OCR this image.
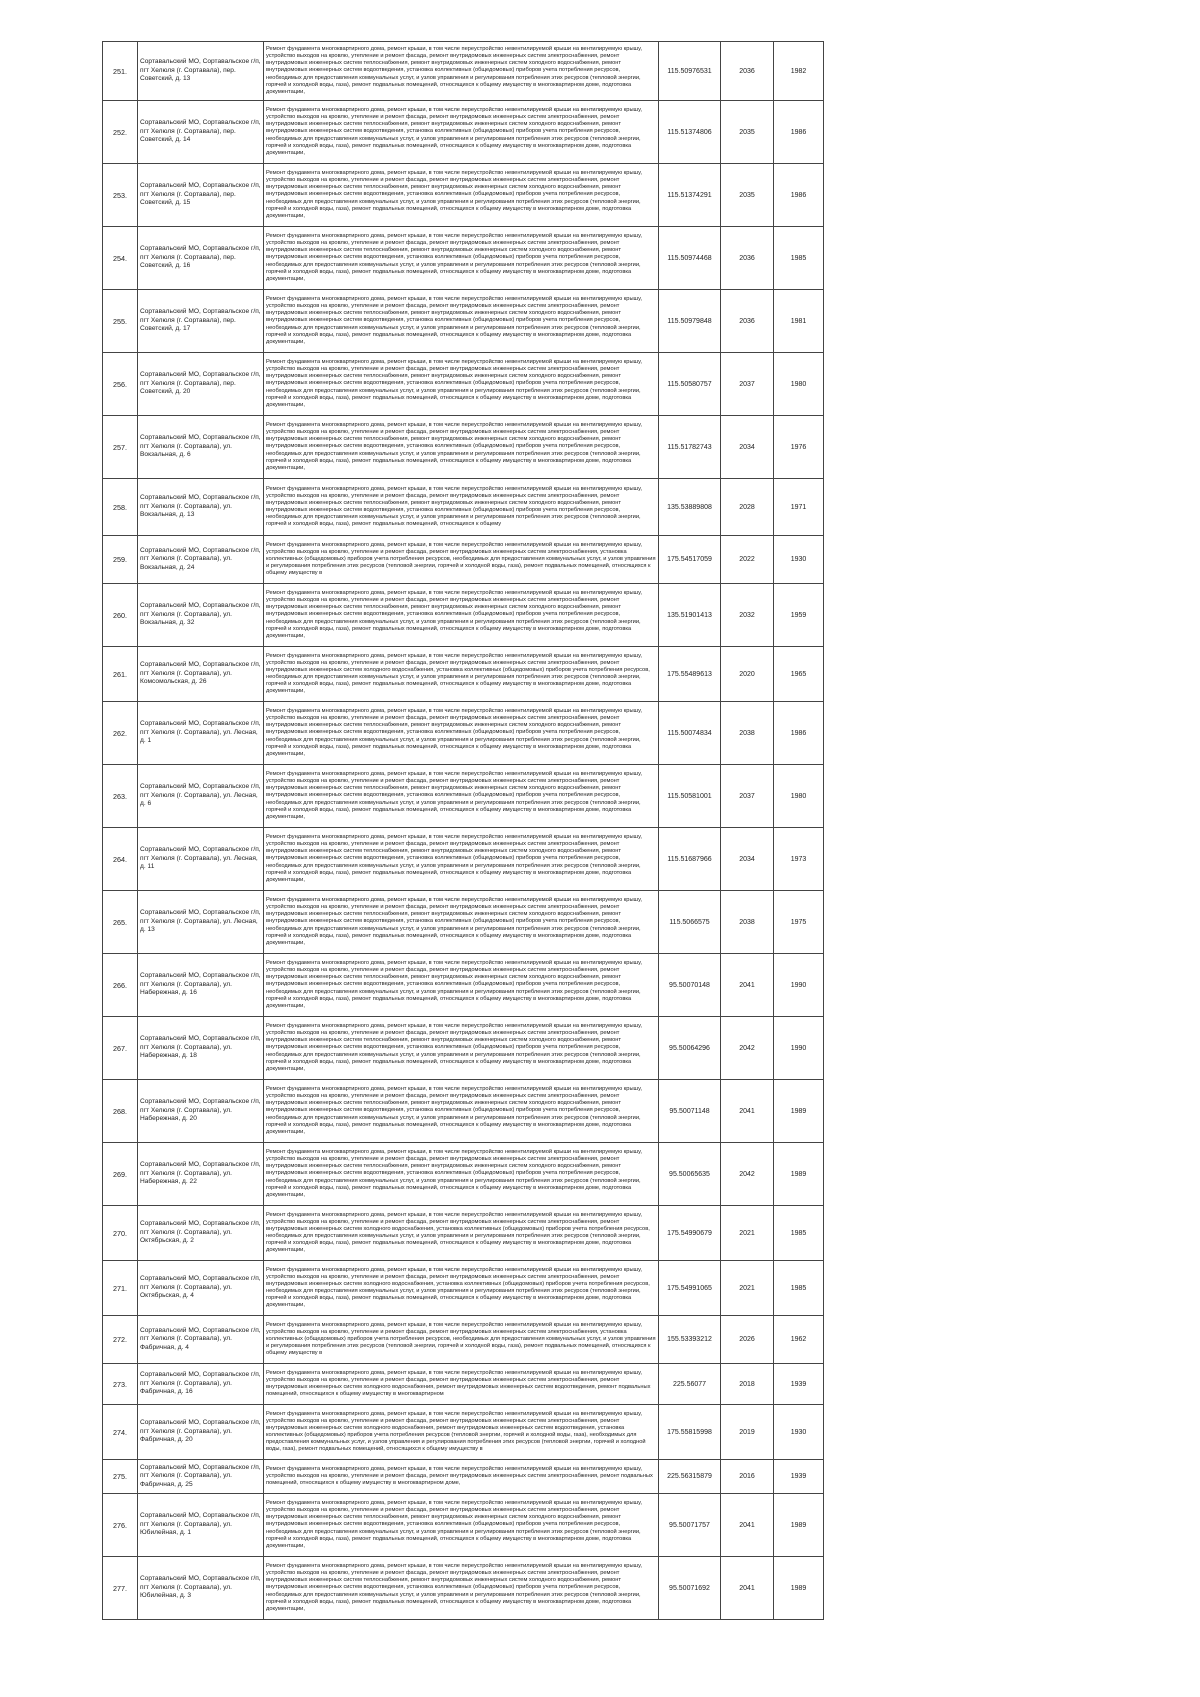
251.	Сортавальский МО, Сортавальское г/п, пгт Хелюля (г. Сортавала), пер. Советский, д. 13	Ремонт фундамента многоквартирного дома, ремонт крыши, в том числе переустройство невентилируемой крыши на вентилируемую крышу, устройство выходов на кровлю, утепление и ремонт фасада, ремонт внутридомовых инженерных систем электроснабжения, ремонт внутридомовых инженерных систем теплоснабжения, ремонт внутридомовых инженерных систем холодного водоснабжения, ремонт внутридомовых инженерных систем водоотведения, установка коллективных (общедомовых) приборов учета потребления ресурсов, необходимых для предоставления коммунальных услуг, и узлов управления и регулирования потребления этих ресурсов (тепловой энергии, горячей и холодной воды, газа), ремонт подвальных помещений, относящихся к общему имуществу в многоквартирном доме, подготовка документации,	115.50976531	2036	1982
252.	Сортавальский МО, Сортавальское г/п, пгт Хелюля (г. Сортавала), пер. Советский, д. 14	Ремонт фундамента многоквартирного дома, ремонт крыши, в том числе переустройство невентилируемой крыши на вентилируемую крышу, устройство выходов на кровлю, утепление и ремонт фасада, ремонт внутридомовых инженерных систем электроснабжения, ремонт внутридомовых инженерных систем теплоснабжения, ремонт внутридомовых инженерных систем холодного водоснабжения, ремонт внутридомовых инженерных систем водоотведения, установка коллективных (общедомовых) приборов учета потребления ресурсов, необходимых для предоставления коммунальных услуг, и узлов управления и регулирования потребления этих ресурсов (тепловой энергии, горячей и холодной воды, газа), ремонт подвальных помещений, относящихся к общему имуществу в многоквартирном доме, подготовка документации,	115.51374806	2035	1986
253.	Сортавальский МО, Сортавальское г/п, пгт Хелюля (г. Сортавала), пер. Советский, д. 15	Ремонт фундамента многоквартирного дома, ремонт крыши, в том числе переустройство невентилируемой крыши на вентилируемую крышу, устройство выходов на кровлю, утепление и ремонт фасада, ремонт внутридомовых инженерных систем электроснабжения, ремонт внутридомовых инженерных систем теплоснабжения, ремонт внутридомовых инженерных систем холодного водоснабжения, ремонт внутридомовых инженерных систем водоотведения, установка коллективных (общедомовых) приборов учета потребления ресурсов, необходимых для предоставления коммунальных услуг, и узлов управления и регулирования потребления этих ресурсов (тепловой энергии, горячей и холодной воды, газа), ремонт подвальных помещений, относящихся к общему имуществу в многоквартирном доме, подготовка документации,	115.51374291	2035	1986
254.	Сортавальский МО, Сортавальское г/п, пгт Хелюля (г. Сортавала), пер. Советский, д. 16	Ремонт фундамента многоквартирного дома, ремонт крыши, в том числе переустройство невентилируемой крыши на вентилируемую крышу, устройство выходов на кровлю, утепление и ремонт фасада, ремонт внутридомовых инженерных систем электроснабжения, ремонт внутридомовых инженерных систем теплоснабжения, ремонт внутридомовых инженерных систем холодного водоснабжения, ремонт внутридомовых инженерных систем водоотведения, установка коллективных (общедомовых) приборов учета потребления ресурсов, необходимых для предоставления коммунальных услуг, и узлов управления и регулирования потребления этих ресурсов (тепловой энергии, горячей и холодной воды, газа), ремонт подвальных помещений, относящихся к общему имуществу в многоквартирном доме, подготовка документации,	115.50974468	2036	1985
255.	Сортавальский МО, Сортавальское г/п, пгт Хелюля (г. Сортавала), пер. Советский, д. 17	Ремонт фундамента многоквартирного дома, ремонт крыши, в том числе переустройство невентилируемой крыши на вентилируемую крышу, устройство выходов на кровлю, утепление и ремонт фасада, ремонт внутридомовых инженерных систем электроснабжения, ремонт внутридомовых инженерных систем теплоснабжения, ремонт внутридомовых инженерных систем холодного водоснабжения, ремонт внутридомовых инженерных систем водоотведения, установка коллективных (общедомовых) приборов учета потребления ресурсов, необходимых для предоставления коммунальных услуг, и узлов управления и регулирования потребления этих ресурсов (тепловой энергии, горячей и холодной воды, газа), ремонт подвальных помещений, относящихся к общему имуществу в многоквартирном доме, подготовка документации,	115.50979848	2036	1981
256.	Сортавальский МО, Сортавальское г/п, пгт Хелюля (г. Сортавала), пер. Советский, д. 20	Ремонт фундамента многоквартирного дома, ремонт крыши, в том числе переустройство невентилируемой крыши на вентилируемую крышу, устройство выходов на кровлю, утепление и ремонт фасада, ремонт внутридомовых инженерных систем электроснабжения, ремонт внутридомовых инженерных систем теплоснабжения, ремонт внутридомовых инженерных систем холодного водоснабжения, ремонт внутридомовых инженерных систем водоотведения, установка коллективных (общедомовых) приборов учета потребления ресурсов, необходимых для предоставления коммунальных услуг, и узлов управления и регулирования потребления этих ресурсов (тепловой энергии, горячей и холодной воды, газа), ремонт подвальных помещений, относящихся к общему имуществу в многоквартирном доме, подготовка документации,	115.50580757	2037	1980
257.	Сортавальский МО, Сортавальское г/п, пгт Хелюля (г. Сортавала), ул. Вокзальная, д. 6	Ремонт фундамента многоквартирного дома, ремонт крыши, в том числе переустройство невентилируемой крыши на вентилируемую крышу, устройство выходов на кровлю, утепление и ремонт фасада, ремонт внутридомовых инженерных систем электроснабжения, ремонт внутридомовых инженерных систем теплоснабжения, ремонт внутридомовых инженерных систем холодного водоснабжения, ремонт внутридомовых инженерных систем водоотведения, установка коллективных (общедомовых) приборов учета потребления ресурсов, необходимых для предоставления коммунальных услуг, и узлов управления и регулирования потребления этих ресурсов (тепловой энергии, горячей и холодной воды, газа), ремонт подвальных помещений, относящихся к общему имуществу в многоквартирном доме, подготовка документации,	115.51782743	2034	1976
258.	Сортавальский МО, Сортавальское г/п, пгт Хелюля (г. Сортавала), ул. Вокзальная, д. 13	Ремонт фундамента многоквартирного дома, ремонт крыши, в том числе переустройство невентилируемой крыши на вентилируемую крышу, устройство выходов на кровлю, утепление и ремонт фасада, ремонт внутридомовых инженерных систем электроснабжения, ремонт внутридомовых инженерных систем теплоснабжения, ремонт внутридомовых инженерных систем холодного водоснабжения, ремонт внутридомовых инженерных систем водоотведения, установка коллективных (общедомовых) приборов учета потребления ресурсов, необходимых для предоставления коммунальных услуг, и узлов управления и регулирования потребления этих ресурсов (тепловой энергии, горячей и холодной воды, газа), ремонт подвальных помещений, относящихся к общему	135.53889808	2028	1971
259.	Сортавальский МО, Сортавальское г/п, пгт Хелюля (г. Сортавала), ул. Вокзальная, д. 24	Ремонт фундамента многоквартирного дома, ремонт крыши, в том числе переустройство невентилируемой крыши на вентилируемую крышу, устройство выходов на кровлю, утепление и ремонт фасада, ремонт внутридомовых инженерных систем электроснабжения, установка коллективных (общедомовых) приборов учета потребления ресурсов, необходимых для предоставления коммунальных услуг, и узлов управления и регулирования потребления этих ресурсов (тепловой энергии, горячей и холодной воды, газа), ремонт подвальных помещений, относящихся к общему имуществу в	175.54517059	2022	1930
260.	Сортавальский МО, Сортавальское г/п, пгт Хелюля (г. Сортавала), ул. Вокзальная, д. 32	Ремонт фундамента многоквартирного дома, ремонт крыши, в том числе переустройство невентилируемой крыши на вентилируемую крышу, устройство выходов на кровлю, утепление и ремонт фасада, ремонт внутридомовых инженерных систем электроснабжения, ремонт внутридомовых инженерных систем теплоснабжения, ремонт внутридомовых инженерных систем холодного водоснабжения, ремонт внутридомовых инженерных систем водоотведения, установка коллективных (общедомовых) приборов учета потребления ресурсов, необходимых для предоставления коммунальных услуг, и узлов управления и регулирования потребления этих ресурсов (тепловой энергии, горячей и холодной воды, газа), ремонт подвальных помещений, относящихся к общему имуществу в многоквартирном доме, подготовка документации,	135.51901413	2032	1959
261.	Сортавальский МО, Сортавальское г/п, пгт Хелюля (г. Сортавала), ул. Комсомольская, д. 26	Ремонт фундамента многоквартирного дома, ремонт крыши, в том числе переустройство невентилируемой крыши на вентилируемую крышу, устройство выходов на кровлю, утепление и ремонт фасада, ремонт внутридомовых инженерных систем электроснабжения, ремонт внутридомовых инженерных систем холодного водоснабжения, установка коллективных (общедомовых) приборов учета потребления ресурсов, необходимых для предоставления коммунальных услуг, и узлов управления и регулирования потребления этих ресурсов (тепловой энергии, горячей и холодной воды, газа), ремонт подвальных помещений, относящихся к общему имуществу в многоквартирном доме, подготовка документации,	175.55489613	2020	1965
262.	Сортавальский МО, Сортавальское г/п, пгт Хелюля (г. Сортавала), ул. Лесная, д. 1	Ремонт фундамента многоквартирного дома, ремонт крыши, в том числе переустройство невентилируемой крыши на вентилируемую крышу, устройство выходов на кровлю, утепление и ремонт фасада, ремонт внутридомовых инженерных систем электроснабжения, ремонт внутридомовых инженерных систем теплоснабжения, ремонт внутридомовых инженерных систем холодного водоснабжения, ремонт внутридомовых инженерных систем водоотведения, установка коллективных (общедомовых) приборов учета потребления ресурсов, необходимых для предоставления коммунальных услуг, и узлов управления и регулирования потребления этих ресурсов (тепловой энергии, горячей и холодной воды, газа), ремонт подвальных помещений, относящихся к общему имуществу в многоквартирном доме, подготовка документации,	115.50074834	2038	1986
263.	Сортавальский МО, Сортавальское г/п, пгт Хелюля (г. Сортавала), ул. Лесная, д. 6	Ремонт фундамента многоквартирного дома, ремонт крыши, в том числе переустройство невентилируемой крыши на вентилируемую крышу, устройство выходов на кровлю, утепление и ремонт фасада, ремонт внутридомовых инженерных систем электроснабжения, ремонт внутридомовых инженерных систем теплоснабжения, ремонт внутридомовых инженерных систем холодного водоснабжения, ремонт внутридомовых инженерных систем водоотведения, установка коллективных (общедомовых) приборов учета потребления ресурсов, необходимых для предоставления коммунальных услуг, и узлов управления и регулирования потребления этих ресурсов (тепловой энергии, горячей и холодной воды, газа), ремонт подвальных помещений, относящихся к общему имуществу в многоквартирном доме, подготовка документации,	115.50581001	2037	1980
264.	Сортавальский МО, Сортавальское г/п, пгт Хелюля (г. Сортавала), ул. Лесная, д. 11	Ремонт фундамента многоквартирного дома, ремонт крыши, в том числе переустройство невентилируемой крыши на вентилируемую крышу, устройство выходов на кровлю, утепление и ремонт фасада, ремонт внутридомовых инженерных систем электроснабжения, ремонт внутридомовых инженерных систем теплоснабжения, ремонт внутридомовых инженерных систем холодного водоснабжения, ремонт внутридомовых инженерных систем водоотведения, установка коллективных (общедомовых) приборов учета потребления ресурсов, необходимых для предоставления коммунальных услуг, и узлов управления и регулирования потребления этих ресурсов (тепловой энергии, горячей и холодной воды, газа), ремонт подвальных помещений, относящихся к общему имуществу в многоквартирном доме, подготовка документации,	115.51687966	2034	1973
265.	Сортавальский МО, Сортавальское г/п, пгт Хелюля (г. Сортавала), ул. Лесная, д. 13	Ремонт фундамента многоквартирного дома, ремонт крыши, в том числе переустройство невентилируемой крыши на вентилируемую крышу, устройство выходов на кровлю, утепление и ремонт фасада, ремонт внутридомовых инженерных систем электроснабжения, ремонт внутридомовых инженерных систем теплоснабжения, ремонт внутридомовых инженерных систем холодного водоснабжения, ремонт внутридомовых инженерных систем водоотведения, установка коллективных (общедомовых) приборов учета потребления ресурсов, необходимых для предоставления коммунальных услуг, и узлов управления и регулирования потребления этих ресурсов (тепловой энергии, горячей и холодной воды, газа), ремонт подвальных помещений, относящихся к общему имуществу в многоквартирном доме, подготовка документации,	115.5066575	2038	1975
266.	Сортавальский МО, Сортавальское г/п, пгт Хелюля (г. Сортавала), ул. Набережная, д. 16	Ремонт фундамента многоквартирного дома, ремонт крыши, в том числе переустройство невентилируемой крыши на вентилируемую крышу, устройство выходов на кровлю, утепление и ремонт фасада, ремонт внутридомовых инженерных систем электроснабжения, ремонт внутридомовых инженерных систем теплоснабжения, ремонт внутридомовых инженерных систем холодного водоснабжения, ремонт внутридомовых инженерных систем водоотведения, установка коллективных (общедомовых) приборов учета потребления ресурсов, необходимых для предоставления коммунальных услуг, и узлов управления и регулирования потребления этих ресурсов (тепловой энергии, горячей и холодной воды, газа), ремонт подвальных помещений, относящихся к общему имуществу в многоквартирном доме, подготовка документации,	95.50070148	2041	1990
267.	Сортавальский МО, Сортавальское г/п, пгт Хелюля (г. Сортавала), ул. Набережная, д. 18	Ремонт фундамента многоквартирного дома, ремонт крыши, в том числе переустройство невентилируемой крыши на вентилируемую крышу, устройство выходов на кровлю, утепление и ремонт фасада, ремонт внутридомовых инженерных систем электроснабжения, ремонт внутридомовых инженерных систем теплоснабжения, ремонт внутридомовых инженерных систем холодного водоснабжения, ремонт внутридомовых инженерных систем водоотведения, установка коллективных (общедомовых) приборов учета потребления ресурсов, необходимых для предоставления коммунальных услуг, и узлов управления и регулирования потребления этих ресурсов (тепловой энергии, горячей и холодной воды, газа), ремонт подвальных помещений, относящихся к общему имуществу в многоквартирном доме, подготовка документации,	95.50064296	2042	1990
268.	Сортавальский МО, Сортавальское г/п, пгт Хелюля (г. Сортавала), ул. Набережная, д. 20	Ремонт фундамента многоквартирного дома, ремонт крыши, в том числе переустройство невентилируемой крыши на вентилируемую крышу, устройство выходов на кровлю, утепление и ремонт фасада, ремонт внутридомовых инженерных систем электроснабжения, ремонт внутридомовых инженерных систем теплоснабжения, ремонт внутридомовых инженерных систем холодного водоснабжения, ремонт внутридомовых инженерных систем водоотведения, установка коллективных (общедомовых) приборов учета потребления ресурсов, необходимых для предоставления коммунальных услуг, и узлов управления и регулирования потребления этих ресурсов (тепловой энергии, горячей и холодной воды, газа), ремонт подвальных помещений, относящихся к общему имуществу в многоквартирном доме, подготовка документации,	95.50071148	2041	1989
269.	Сортавальский МО, Сортавальское г/п, пгт Хелюля (г. Сортавала), ул. Набережная, д. 22	Ремонт фундамента многоквартирного дома, ремонт крыши, в том числе переустройство невентилируемой крыши на вентилируемую крышу, устройство выходов на кровлю, утепление и ремонт фасада, ремонт внутридомовых инженерных систем электроснабжения, ремонт внутридомовых инженерных систем теплоснабжения, ремонт внутридомовых инженерных систем холодного водоснабжения, ремонт внутридомовых инженерных систем водоотведения, установка коллективных (общедомовых) приборов учета потребления ресурсов, необходимых для предоставления коммунальных услуг, и узлов управления и регулирования потребления этих ресурсов (тепловой энергии, горячей и холодной воды, газа), ремонт подвальных помещений, относящихся к общему имуществу в многоквартирном доме, подготовка документации,	95.50065635	2042	1989
270.	Сортавальский МО, Сортавальское г/п, пгт Хелюля (г. Сортавала), ул. Октябрьская, д. 2	Ремонт фундамента многоквартирного дома, ремонт крыши, в том числе переустройство невентилируемой крыши на вентилируемую крышу, устройство выходов на кровлю, утепление и ремонт фасада, ремонт внутридомовых инженерных систем электроснабжения, ремонт внутридомовых инженерных систем холодного водоснабжения, установка коллективных (общедомовых) приборов учета потребления ресурсов, необходимых для предоставления коммунальных услуг, и узлов управления и регулирования потребления этих ресурсов (тепловой энергии, горячей и холодной воды, газа), ремонт подвальных помещений, относящихся к общему имуществу в многоквартирном доме, подготовка документации,	175.54990679	2021	1985
271.	Сортавальский МО, Сортавальское г/п, пгт Хелюля (г. Сортавала), ул. Октябрьская, д. 4	Ремонт фундамента многоквартирного дома, ремонт крыши, в том числе переустройство невентилируемой крыши на вентилируемую крышу, устройство выходов на кровлю, утепление и ремонт фасада, ремонт внутридомовых инженерных систем электроснабжения, ремонт внутридомовых инженерных систем холодного водоснабжения, установка коллективных (общедомовых) приборов учета потребления ресурсов, необходимых для предоставления коммунальных услуг, и узлов управления и регулирования потребления этих ресурсов (тепловой энергии, горячей и холодной воды, газа), ремонт подвальных помещений, относящихся к общему имуществу в многоквартирном доме, подготовка документации,	175.54991065	2021	1985
272.	Сортавальский МО, Сортавальское г/п, пгт Хелюля (г. Сортавала), ул. Фабричная, д. 4	Ремонт фундамента многоквартирного дома, ремонт крыши, в том числе переустройство невентилируемой крыши на вентилируемую крышу, устройство выходов на кровлю, утепление и ремонт фасада, ремонт внутридомовых инженерных систем электроснабжения, установка коллективных (общедомовых) приборов учета потребления ресурсов, необходимых для предоставления коммунальных услуг, и узлов управления и регулирования потребления этих ресурсов (тепловой энергии, горячей и холодной воды, газа), ремонт подвальных помещений, относящихся к общему имуществу в	155.53393212	2026	1962
273.	Сортавальский МО, Сортавальское г/п, пгт Хелюля (г. Сортавала), ул. Фабричная, д. 16	Ремонт фундамента многоквартирного дома, ремонт крыши, в том числе переустройство невентилируемой крыши на вентилируемую крышу, устройство выходов на кровлю, утепление и ремонт фасада, ремонт внутридомовых инженерных систем электроснабжения, ремонт внутридомовых инженерных систем холодного водоснабжения, ремонт внутридомовых инженерных систем водоотведения, ремонт подвальных помещений, относящихся к общему имуществу в многоквартирном	225.56077	2018	1939
274.	Сортавальский МО, Сортавальское г/п, пгт Хелюля (г. Сортавала), ул. Фабричная, д. 20	Ремонт фундамента многоквартирного дома, ремонт крыши, в том числе переустройство невентилируемой крыши на вентилируемую крышу, устройство выходов на кровлю, утепление и ремонт фасада, ремонт внутридомовых инженерных систем электроснабжения, ремонт внутридомовых инженерных систем холодного водоснабжения, ремонт внутридомовых инженерных систем водоотведения, установка коллективных (общедомовых) приборов учета потребления ресурсов (тепловой энергии, горячей и холодной воды, газа), необходимых для предоставления коммунальных услуг, и узлов управления и регулирования потребления этих ресурсов (тепловой энергии, горячей и холодной воды, газа), ремонт подвальных помещений, относящихся к общему имуществу в	175.55815998	2019	1930
275.	Сортавальский МО, Сортавальское г/п, пгт Хелюля (г. Сортавала), ул. Фабричная, д. 25	Ремонт фундамента многоквартирного дома, ремонт крыши, в том числе переустройство невентилируемой крыши на вентилируемую крышу, устройство выходов на кровлю, утепление и ремонт фасада, ремонт внутридомовых инженерных систем электроснабжения, ремонт подвальных помещений, относящихся к общему имуществу в многоквартирном доме,	225.56315879	2016	1939
276.	Сортавальский МО, Сортавальское г/п, пгт Хелюля (г. Сортавала), ул. Юбилейная, д. 1	Ремонт фундамента многоквартирного дома, ремонт крыши, в том числе переустройство невентилируемой крыши на вентилируемую крышу, устройство выходов на кровлю, утепление и ремонт фасада, ремонт внутридомовых инженерных систем электроснабжения, ремонт внутридомовых инженерных систем теплоснабжения, ремонт внутридомовых инженерных систем холодного водоснабжения, ремонт внутридомовых инженерных систем водоотведения, установка коллективных (общедомовых) приборов учета потребления ресурсов, необходимых для предоставления коммунальных услуг, и узлов управления и регулирования потребления этих ресурсов (тепловой энергии, горячей и холодной воды, газа), ремонт подвальных помещений, относящихся к общему имуществу в многоквартирном доме, подготовка документации,	95.50071757	2041	1989
277.	Сортавальский МО, Сортавальское г/п, пгт Хелюля (г. Сортавала), ул. Юбилейная, д. 3	Ремонт фундамента многоквартирного дома, ремонт крыши, в том числе переустройство невентилируемой крыши на вентилируемую крышу, устройство выходов на кровлю, утепление и ремонт фасада, ремонт внутридомовых инженерных систем электроснабжения, ремонт внутридомовых инженерных систем теплоснабжения, ремонт внутридомовых инженерных систем холодного водоснабжения, ремонт внутридомовых инженерных систем водоотведения, установка коллективных (общедомовых) приборов учета потребления ресурсов, необходимых для предоставления коммунальных услуг, и узлов управления и регулирования потребления этих ресурсов (тепловой энергии, горячей и холодной воды, газа), ремонт подвальных помещений, относящихся к общему имуществу в многоквартирном доме, подготовка документации,	95.50071692	2041	1989
